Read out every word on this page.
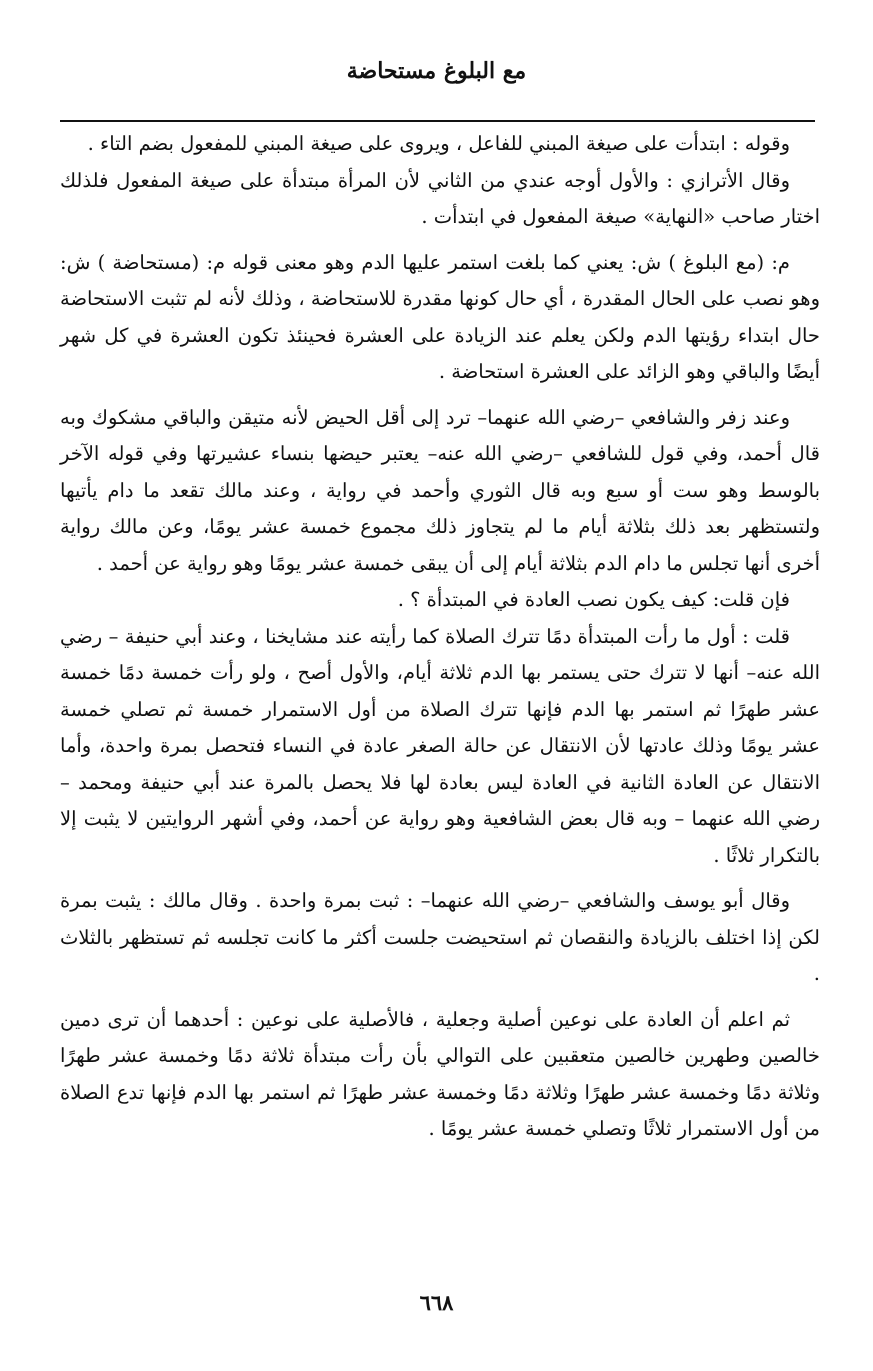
مع البلوغ مستحاضة

وقوله : ابتدأت على صيغة المبني للفاعل ، ويروى على صيغة المبني للمفعول بضم التاء .

وقال الأترازي : والأول أوجه عندي من الثاني لأن المرأة مبتدأة على صيغة المفعول فلذلك اختار صاحب «النهاية» صيغة المفعول في ابتدأت .

م: (مع البلوغ ) ش: يعني كما بلغت استمر عليها الدم وهو معنى قوله م: (مستحاضة ) ش: وهو نصب على الحال المقدرة ، أي حال كونها مقدرة للاستحاضة ، وذلك لأنه لم تثبت الاستحاضة حال ابتداء رؤيتها الدم ولكن يعلم عند الزيادة على العشرة فحينئذ تكون العشرة في كل شهر أيضًا والباقي وهو الزائد على العشرة استحاضة .

وعند زفر والشافعي –رضي الله عنهما– ترد إلى أقل الحيض لأنه متيقن والباقي مشكوك وبه قال أحمد، وفي قول للشافعي –رضي الله عنه– يعتبر حيضها بنساء عشيرتها وفي قوله الآخر بالوسط وهو ست أو سبع وبه قال الثوري وأحمد في رواية ، وعند مالك تقعد ما دام يأتيها ولتستظهر بعد ذلك بثلاثة أيام ما لم يتجاوز ذلك مجموع خمسة عشر يومًا، وعن مالك رواية أخرى أنها تجلس ما دام الدم بثلاثة أيام إلى أن يبقى خمسة عشر يومًا وهو رواية عن أحمد .

فإن قلت: كيف يكون نصب العادة في المبتدأة ؟ .

قلت : أول ما رأت المبتدأة دمًا تترك الصلاة كما رأيته عند مشايخنا ، وعند أبي حنيفة – رضي الله عنه– أنها لا تترك حتى يستمر بها الدم ثلاثة أيام، والأول أصح ، ولو رأت خمسة دمًا خمسة عشر طهرًا ثم استمر بها الدم فإنها تترك الصلاة من أول الاستمرار خمسة ثم تصلي خمسة عشر يومًا وذلك عادتها لأن الانتقال عن حالة الصغر عادة في النساء فتحصل بمرة واحدة، وأما الانتقال عن العادة الثانية في العادة ليس بعادة لها فلا يحصل بالمرة عند أبي حنيفة ومحمد – رضي الله عنهما – وبه قال بعض الشافعية وهو رواية عن أحمد، وفي أشهر الروايتين لا يثبت إلا بالتكرار ثلاثًا .

وقال أبو يوسف والشافعي –رضي الله عنهما– : ثبت بمرة واحدة . وقال مالك : يثبت بمرة لكن إذا اختلف بالزيادة والنقصان ثم استحيضت جلست أكثر ما كانت تجلسه ثم تستظهر بالثلاث .

ثم اعلم أن العادة على نوعين أصلية وجعلية ، فالأصلية على نوعين : أحدهما أن ترى دمين خالصين وطهرين خالصين متعقبين على التوالي بأن رأت مبتدأة ثلاثة دمًا وخمسة عشر طهرًا وثلاثة دمًا وخمسة عشر طهرًا وثلاثة دمًا وخمسة عشر طهرًا ثم استمر بها الدم فإنها تدع الصلاة من أول الاستمرار ثلاثًا وتصلي خمسة عشر يومًا .

٦٦٨
